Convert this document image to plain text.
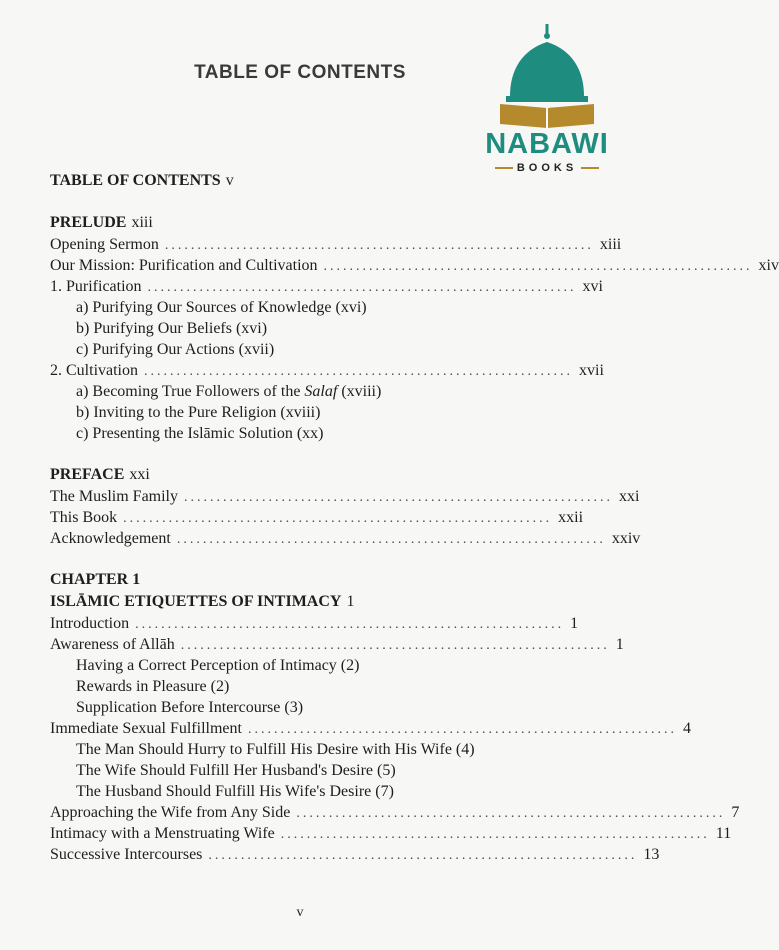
TABLE OF CONTENTS
NABAWI
BOOKS
TABLE OF CONTENTS v
PRELUDE xiii
Opening Sermon .................................................................. xiii
Our Mission: Purification and Cultivation .................................................................. xiv
1. Purification .................................................................. xvi
a) Purifying Our Sources of Knowledge (xvi)
b) Purifying Our Beliefs (xvi)
c) Purifying Our Actions (xvii)
2. Cultivation .................................................................. xvii
a) Becoming True Followers of the Salaf (xviii)
b) Inviting to the Pure Religion (xviii)
c) Presenting the Islāmic Solution (xx)
PREFACE xxi
The Muslim Family .................................................................. xxi
This Book .................................................................. xxii
Acknowledgement .................................................................. xxiv
CHAPTER 1
ISLĀMIC ETIQUETTES OF INTIMACY 1
Introduction .................................................................. 1
Awareness of Allāh .................................................................. 1
Having a Correct Perception of Intimacy (2)
Rewards in Pleasure (2)
Supplication Before Intercourse (3)
Immediate Sexual Fulfillment .................................................................. 4
The Man Should Hurry to Fulfill His Desire with His Wife (4)
The Wife Should Fulfill Her Husband's Desire (5)
The Husband Should Fulfill His Wife's Desire (7)
Approaching the Wife from Any Side .................................................................. 7
Intimacy with a Menstruating Wife .................................................................. 11
Successive Intercourses .................................................................. 13
v
